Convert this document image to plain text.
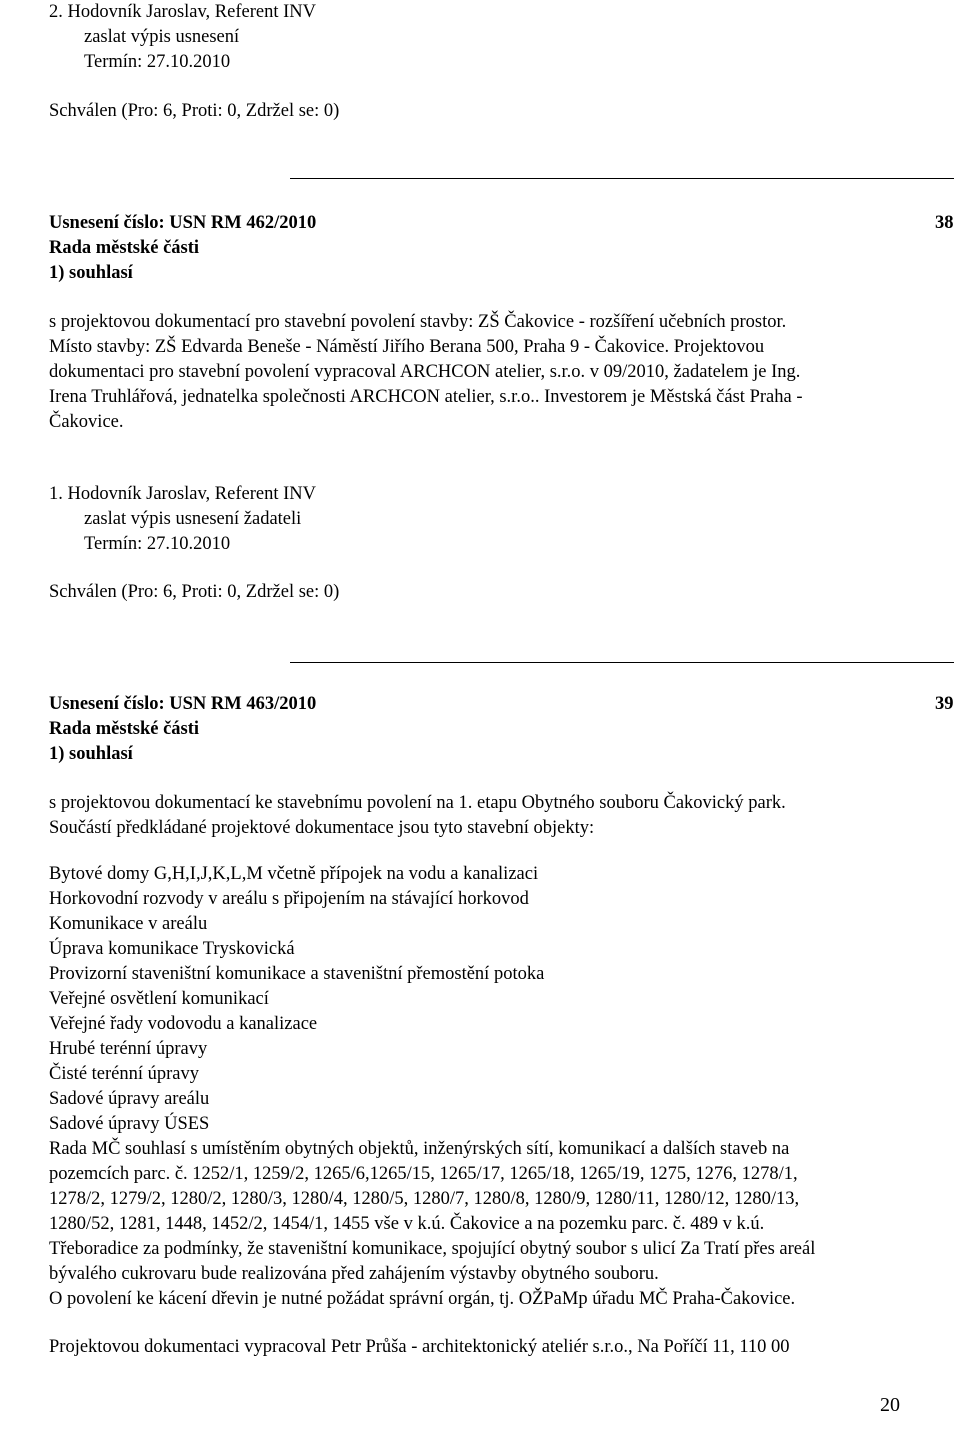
2. Hodovník Jaroslav, Referent INV
zaslat výpis usnesení
Termín: 27.10.2010
Schválen (Pro: 6, Proti: 0, Zdržel se: 0)
Usnesení číslo: USN RM 462/2010	38
Rada městské části
1) souhlasí
s projektovou dokumentací pro stavební povolení stavby: ZŠ Čakovice - rozšíření učebních prostor.
Místo stavby: ZŠ Edvarda Beneše - Náměstí Jiřího Berana 500, Praha 9 - Čakovice. Projektovou
dokumentaci pro stavební povolení vypracoval ARCHCON atelier, s.r.o. v 09/2010, žadatelem je Ing.
Irena Truhlářová, jednatelka společnosti ARCHCON atelier, s.r.o.. Investorem je Městská část Praha -
Čakovice.
1. Hodovník Jaroslav, Referent INV
zaslat výpis usnesení žadateli
Termín: 27.10.2010
Schválen (Pro: 6, Proti: 0, Zdržel se: 0)
Usnesení číslo: USN RM 463/2010	39
Rada městské části
1) souhlasí
s projektovou dokumentací ke stavebnímu povolení na 1. etapu Obytného souboru Čakovický park.
Součástí předkládané projektové dokumentace jsou tyto stavební objekty:
Bytové domy G,H,I,J,K,L,M včetně přípojek na vodu a kanalizaci
Horkovodní rozvody v areálu s připojením na stávající horkovod
Komunikace v areálu
Úprava komunikace Tryskovická
Provizorní staveništní komunikace a staveništní přemostění potoka
Veřejné osvětlení komunikací
Veřejné řady vodovodu a kanalizace
Hrubé terénní úpravy
Čisté terénní úpravy
Sadové úpravy areálu
Sadové úpravy ÚSES
Rada MČ souhlasí s umístěním obytných objektů, inženýrských sítí, komunikací a dalších staveb na
pozemcích parc. č. 1252/1, 1259/2, 1265/6,1265/15, 1265/17, 1265/18, 1265/19, 1275, 1276, 1278/1,
1278/2, 1279/2, 1280/2, 1280/3, 1280/4, 1280/5, 1280/7, 1280/8, 1280/9, 1280/11, 1280/12, 1280/13,
1280/52, 1281, 1448, 1452/2, 1454/1, 1455 vše v k.ú. Čakovice a na pozemku parc. č. 489 v k.ú.
Třeboradice za podmínky, že staveništní komunikace, spojující obytný soubor s ulicí Za Tratí přes areál
bývalého cukrovaru bude realizována před zahájením výstavby obytného souboru.
O povolení ke kácení dřevin je nutné požádat správní orgán, tj. OŽPaMp úřadu MČ Praha-Čakovice.
Projektovou dokumentaci vypracoval Petr Průša - architektonický ateliér s.r.o., Na Poříčí 11, 110 00
20
